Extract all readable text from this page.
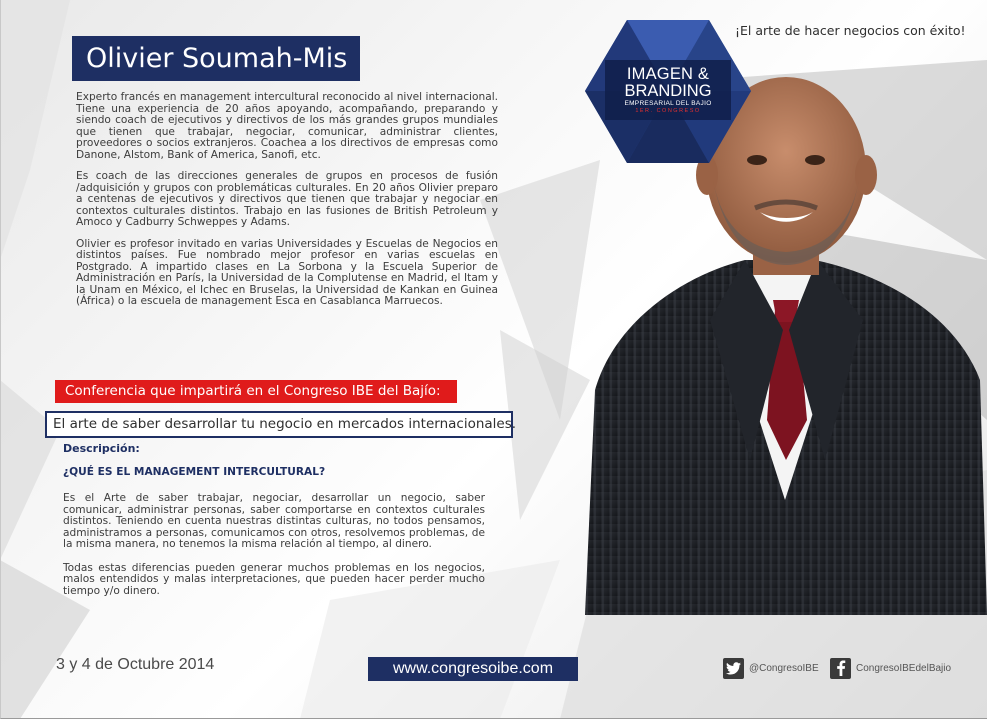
IMAGEN &
BRANDING
EMPRESARIAL DEL BAJIO
1ER. CONGRESO
¡El arte de hacer negocios con éxito!
Olivier Soumah-Mis

Experto francés en management intercultural reconocido al nivel internacional. Tiene una experiencia de 20 años apoyando, acompañando, preparando y siendo coach de ejecutivos y directivos de los más grandes grupos mundiales que tienen que trabajar, negociar, comunicar, administrar clientes, proveedores o socios extranjeros. Coachea a los directivos de empresas como Danone, Alstom, Bank of America, Sanofi, etc.

Es coach de las direcciones generales de grupos en procesos de fusión /adquisición y grupos con problemáticas culturales. En 20 años Olivier preparo a centenas de ejecutivos y directivos que tienen que trabajar y negociar en contextos culturales distintos. Trabajo en las fusiones de British Petroleum y Amoco y Cadburry Schweppes y Adams.

Olivier es profesor invitado en varias Universidades y Escuelas de Negocios en distintos países. Fue nombrado mejor profesor en varias escuelas en Postgrado. A impartido clases en La Sorbona y la Escuela Superior de Administración en París, la Universidad de la Complutense en Madrid, el Itam y la Unam en México, el Ichec en Bruselas, la Universidad de Kankan en Guinea (África) o la escuela de management Esca en Casablanca Marruecos.

Conferencia que impartirá en el Congreso IBE del Bajío:
El arte de saber desarrollar tu negocio en mercados internacionales.
Descripción:
¿QUÉ ES EL MANAGEMENT INTERCULTURAL?

Es el Arte de saber trabajar, negociar, desarrollar un negocio, saber comunicar, administrar personas, saber comportarse en contextos culturales distintos. Teniendo en cuenta nuestras distintas culturas, no todos pensamos, administramos a personas, comunicamos con otros, resolvemos problemas, de la misma manera, no tenemos la misma relación al tiempo, al dinero.

Todas estas diferencias pueden generar muchos problemas en los negocios, malos entendidos y malas interpretaciones, que pueden hacer perder mucho tiempo y/o dinero.

3 y 4 de Octubre 2014	www.congresoibe.com	@CongresoIBE	CongresoIBEdelBajio
